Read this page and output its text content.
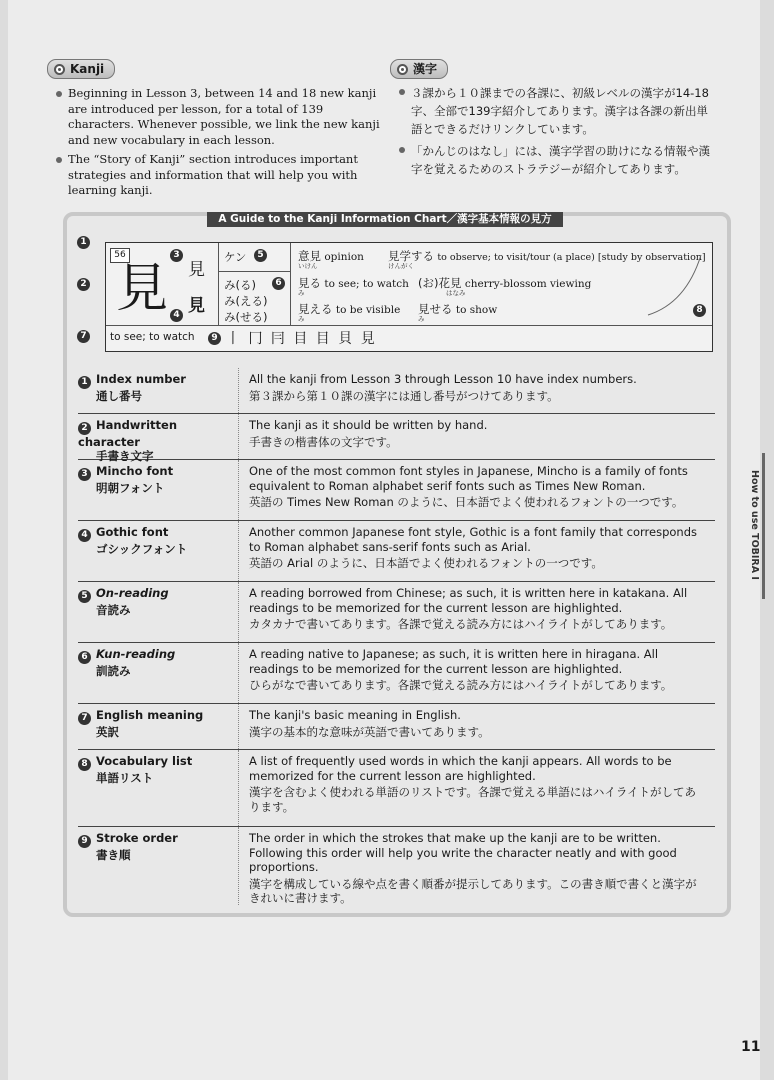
Kanji
Beginning in Lesson 3, between 14 and 18 new kanji are introduced per lesson, for a total of 139 characters. Whenever possible, we link the new kanji and new vocabulary in each lesson.
The “Story of Kanji” section introduces important strategies and information that will help you with learning kanji.
漢字
３課から１０課までの各課に、初級レベルの漢字が14-18字、全部で139字紹介してあります。漢字は各課の新出単語とできるだけリンクしています。
「かんじのはなし」には、漢字学習の助けになる情報や漢字を覚えるためのストラテジーが紹介してあります。
A Guide to the Kanji Information Chart／漢字基本情報の見方
1
2
7
56
見
3
見
見
4
ケン	5
み(る)	6
み(える)
み(せる)
意見 opinion
いけん
見学する to observe; to visit/tour (a place) [study by observation]
けんがく
見る to see; to watch
み
(お)花見 cherry-blossom viewing
はなみ
見える to be visible
み
見せる to show
み
to see; to watch	9 丨 冂 冃 目 目 貝 見
8
1 Index number
通し番号
All the kanji from Lesson 3 through Lesson 10 have index numbers.
第３課から第１０課の漢字には通し番号がつけてあります。
2 Handwritten character
手書き文字
The kanji as it should be written by hand.
手書きの楷書体の文字です。
3 Mincho font
明朝フォント
One of the most common font styles in Japanese, Mincho is a family of fonts equivalent to Roman alphabet serif fonts such as Times New Roman.
英語の Times New Roman のように、日本語でよく使われるフォントの一つです。
4 Gothic font
ゴシックフォント
Another common Japanese font style, Gothic is a font family that corresponds to Roman alphabet sans-serif fonts such as Arial.
英語の Arial のように、日本語でよく使われるフォントの一つです。
5 On-reading
音読み
A reading borrowed from Chinese; as such, it is written here in katakana. All readings to be memorized for the current lesson are highlighted.
カタカナで書いてあります。各課で覚える読み方にはハイライトがしてあります。
6 Kun-reading
訓読み
A reading native to Japanese; as such, it is written here in hiragana. All readings to be memorized for the current lesson are highlighted.
ひらがなで書いてあります。各課で覚える読み方にはハイライトがしてあります。
7 English meaning
英訳
The kanji's basic meaning in English.
漢字の基本的な意味が英語で書いてあります。
8 Vocabulary list
単語リスト
A list of frequently used words in which the kanji appears. All words to be memorized for the current lesson are highlighted.
漢字を含むよく使われる単語のリストです。各課で覚える単語にはハイライトがしてあります。
9 Stroke order
書き順
The order in which the strokes that make up the kanji are to be written. Following this order will help you write the character neatly and with good proportions.
漢字を構成している線や点を書く順番が提示してあります。この書き順で書くと漢字がきれいに書けます。
How to use TOBIRA I
11
